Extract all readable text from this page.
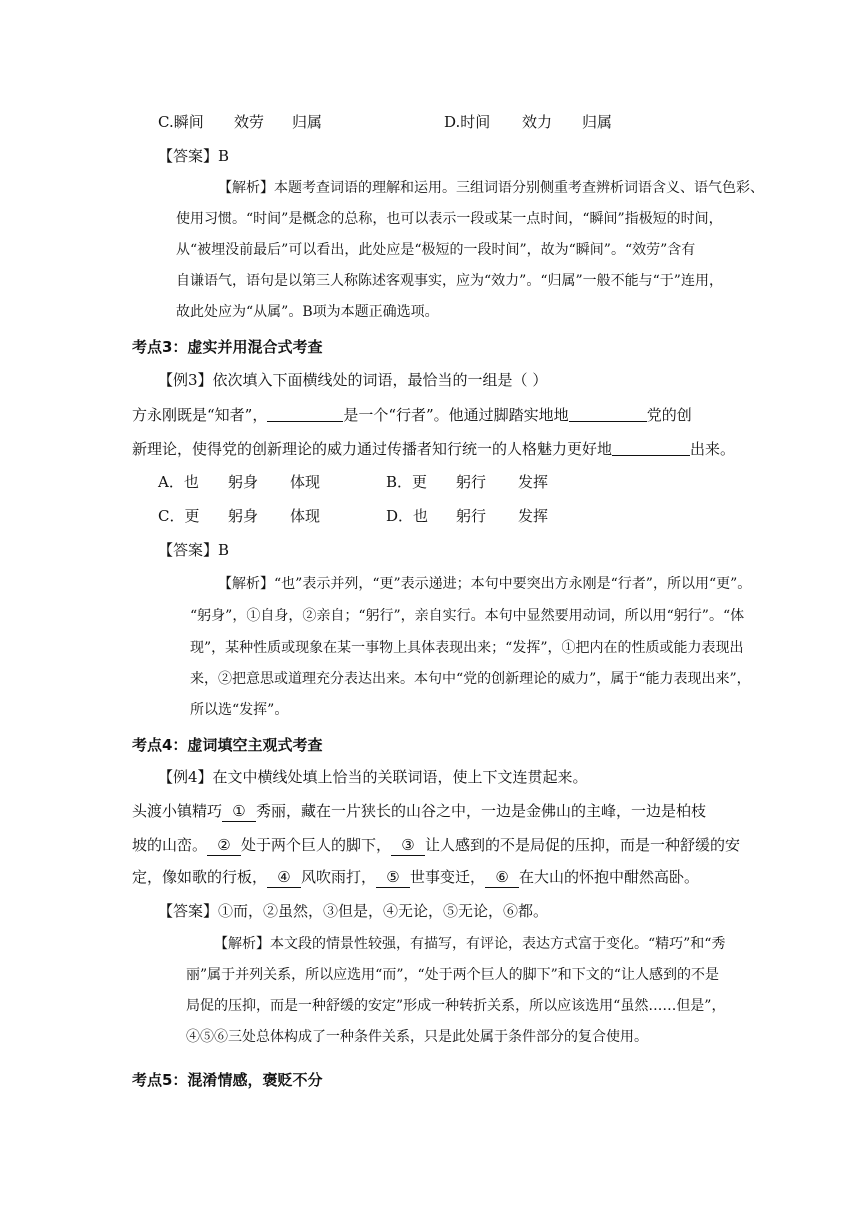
C.瞬间 效劳 归属	D.时间 效力 归属
【答案】B
【解析】本题考查词语的理解和运用。三组词语分别侧重考查辨析词语含义、语气色彩、
使用习惯。“时间”是概念的总称，也可以表示一段或某一点时间，“瞬间”指极短的时间，
从“被埋没前最后”可以看出，此处应是“极短的一段时间”，故为“瞬间”。“效劳”含有
自谦语气，语句是以第三人称陈述客观事实，应为“效力”。“归属”一般不能与“于”连用，
故此处应为“从属”。B项为本题正确选项。
考点3：虚实并用混合式考查
【例3】依次填入下面横线处的词语，最恰当的一组是（ ）
方永刚既是“知者”，	是一个“行者”。他通过脚踏实地地	党的创
新理论，使得党的创新理论的威力通过传播者知行统一的人格魅力更好地	出来。
A．也 躬身 体现	B．更 躬行 发挥
C．更 躬身 体现	D．也 躬行 发挥
【答案】B
【解析】“也”表示并列，“更”表示递进；本句中要突出方永刚是“行者”，所以用“更”。
“躬身”，①自身，②亲自；“躬行”，亲自实行。本句中显然要用动词，所以用“躬行”。“体
现”，某种性质或现象在某一事物上具体表现出来；“发挥”，①把内在的性质或能力表现出
来，②把意思或道理充分表达出来。本句中“党的创新理论的威力”，属于“能力表现出来”，
所以选“发挥”。
考点4：虚词填空主观式考查
【例4】在文中横线处填上恰当的关联词语，使上下文连贯起来。
头渡小镇精巧 ① 秀丽，藏在一片狭长的山谷之中，一边是金佛山的主峰，一边是柏枝
坡的山峦。 ② 处于两个巨人的脚下， ③ 让人感到的不是局促的压抑，而是一种舒缓的安
定，像如歌的行板， ④ 风吹雨打， ⑤ 世事变迁， ⑥ 在大山的怀抱中酣然高卧。
【答案】①而，②虽然，③但是，④无论，⑤无论，⑥都。
【解析】本文段的情景性较强，有描写，有评论，表达方式富于变化。“精巧”和“秀
丽”属于并列关系，所以应选用“而”，“处于两个巨人的脚下”和下文的“让人感到的不是
局促的压抑，而是一种舒缓的安定”形成一种转折关系，所以应该选用“虽然……但是”，
④⑤⑥三处总体构成了一种条件关系，只是此处属于条件部分的复合使用。
考点5：混淆情感，褒贬不分
